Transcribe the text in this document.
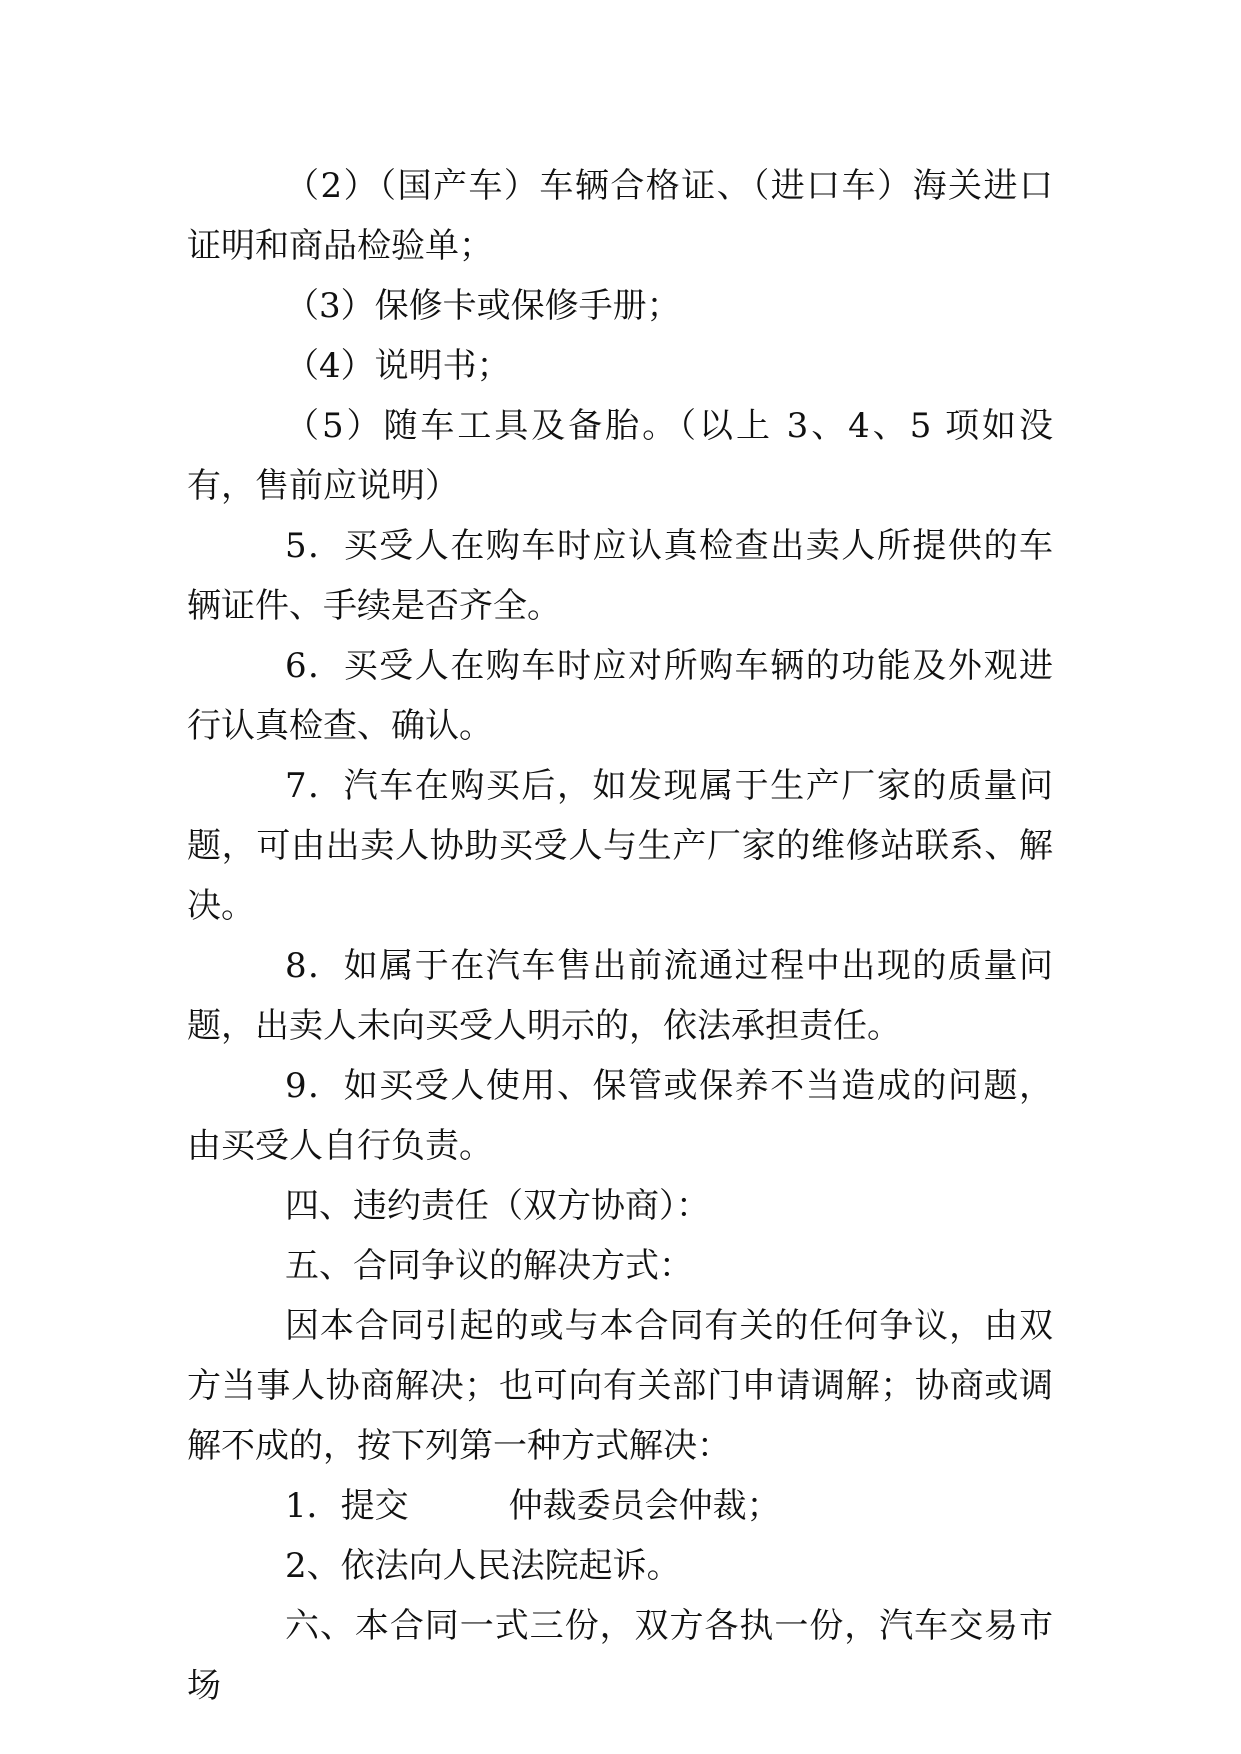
（2）（国产车）车辆合格证、（进口车）海关进口证明和商品检验单；

（3）保修卡或保修手册；

（4）说明书；

（5）随车工具及备胎。（以上 3、4、5 项如没有，售前应说明）

5．买受人在购车时应认真检查出卖人所提供的车辆证件、手续是否齐全。

6．买受人在购车时应对所购车辆的功能及外观进行认真检查、确认。

7．汽车在购买后，如发现属于生产厂家的质量问题，可由出卖人协助买受人与生产厂家的维修站联系、解决。

8．如属于在汽车售出前流通过程中出现的质量问题，出卖人未向买受人明示的，依法承担责任。

9．如买受人使用、保管或保养不当造成的问题，由买受人自行负责。

四、违约责任（双方协商）：

五、合同争议的解决方式：

因本合同引起的或与本合同有关的任何争议，由双方当事人协商解决；也可向有关部门申请调解；协商或调解不成的，按下列第一种方式解决：

1．提交	仲裁委员会仲裁；

2、依法向人民法院起诉。

六、本合同一式三份，双方各执一份，汽车交易市场
